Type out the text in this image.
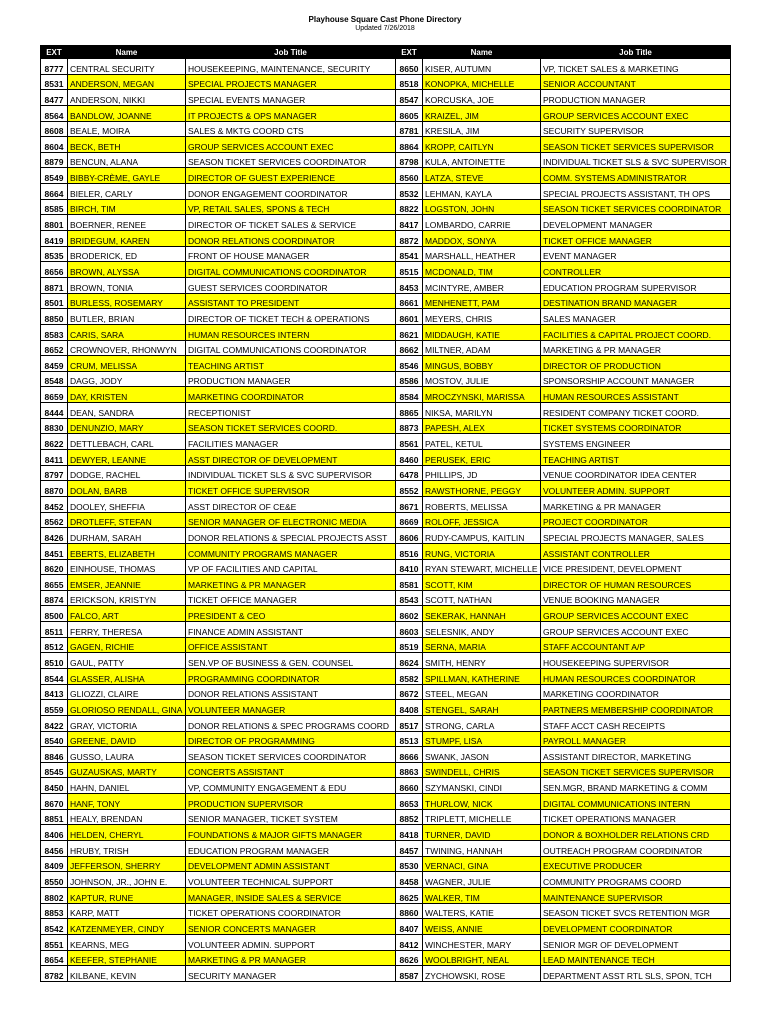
Playhouse Square Cast Phone Directory
Updated 7/26/2018
EXT	Name	Job Title	EXT	Name	Job Title
8777	CENTRAL SECURITY	HOUSEKEEPING, MAINTENANCE, SECURITY	8650	KISER, AUTUMN	VP, TICKET SALES & MARKETING
8531	ANDERSON, MEGAN	SPECIAL PROJECTS MANAGER	8518	KONOPKA, MICHELLE	SENIOR ACCOUNTANT
8477	ANDERSON, NIKKI	SPECIAL EVENTS MANAGER	8547	KORCUSKA, JOE	PRODUCTION MANAGER
8564	BANDLOW, JOANNE	IT PROJECTS & OPS MANAGER	8605	KRAIZEL, JIM	GROUP SERVICES ACCOUNT EXEC
8608	BEALE, MOIRA	SALES & MKTG COORD CTS	8781	KRESILA, JIM	SECURITY SUPERVISOR
8604	BECK, BETH	GROUP SERVICES ACCOUNT EXEC	8864	KROPP, CAITLYN	SEASON TICKET SERVICES SUPERVISOR
8879	BENCUN, ALANA	SEASON TICKET SERVICES COORDINATOR	8798	KULA, ANTOINETTE	INDIVIDUAL TICKET SLS & SVC SUPERVISOR
8549	BIBBY-CRÈME, GAYLE	DIRECTOR OF GUEST EXPERIENCE	8560	LATZA, STEVE	COMM. SYSTEMS ADMINISTRATOR
8664	BIELER, CARLY	DONOR ENGAGEMENT COORDINATOR	8532	LEHMAN, KAYLA	SPECIAL PROJECTS ASSISTANT, TH OPS
8585	BIRCH, TIM	VP, RETAIL SALES, SPONS & TECH	8822	LOGSTON, JOHN	SEASON TICKET SERVICES COORDINATOR
8801	BOERNER, RENEE	DIRECTOR OF TICKET SALES & SERVICE	8417	LOMBARDO, CARRIE	DEVELOPMENT MANAGER
8419	BRIDEGUM, KAREN	DONOR RELATIONS COORDINATOR	8872	MADDOX, SONYA	TICKET OFFICE MANAGER
8535	BRODERICK, ED	FRONT OF HOUSE MANAGER	8541	MARSHALL, HEATHER	EVENT MANAGER
8656	BROWN, ALYSSA	DIGITAL COMMUNICATIONS COORDINATOR	8515	MCDONALD, TIM	CONTROLLER
8871	BROWN, TONIA	GUEST SERVICES COORDINATOR	8453	MCINTYRE, AMBER	EDUCATION PROGRAM SUPERVISOR
8501	BURLESS, ROSEMARY	ASSISTANT TO PRESIDENT	8661	MENHENETT, PAM	DESTINATION BRAND MANAGER
8850	BUTLER, BRIAN	DIRECTOR OF TICKET TECH & OPERATIONS	8601	MEYERS, CHRIS	SALES MANAGER
8583	CARIS, SARA	HUMAN RESOURCES INTERN	8621	MIDDAUGH, KATIE	FACILITIES & CAPITAL PROJECT COORD.
8652	CROWNOVER, RHONWYN	DIGITAL COMMUNICATIONS COORDINATOR	8662	MILTNER, ADAM	MARKETING & PR MANAGER
8459	CRUM, MELISSA	TEACHING ARTIST	8546	MINGUS, BOBBY	DIRECTOR OF PRODUCTION
8548	DAGG, JODY	PRODUCTION MANAGER	8586	MOSTOV, JULIE	SPONSORSHIP ACCOUNT MANAGER
8659	DAY, KRISTEN	MARKETING COORDINATOR	8584	MROCZYNSKI, MARISSA	HUMAN RESOURCES ASSISTANT
8444	DEAN, SANDRA	RECEPTIONIST	8865	NIKSA, MARILYN	RESIDENT COMPANY TICKET COORD.
8830	DENUNZIO, MARY	SEASON TICKET SERVICES COORD.	8873	PAPESH, ALEX	TICKET SYSTEMS COORDINATOR
8622	DETTLEBACH, CARL	FACILITIES MANAGER	8561	PATEL, KETUL	SYSTEMS ENGINEER
8411	DEWYER, LEANNE	ASST DIRECTOR OF DEVELOPMENT	8460	PERUSEK, ERIC	TEACHING ARTIST
8797	DODGE, RACHEL	INDIVIDUAL TICKET SLS & SVC SUPERVISOR	6478	PHILLIPS, JD	VENUE COORDINATOR IDEA CENTER
8870	DOLAN, BARB	TICKET OFFICE SUPERVISOR	8552	RAWSTHORNE, PEGGY	VOLUNTEER ADMIN. SUPPORT
8452	DOOLEY, SHEFFIA	ASST DIRECTOR OF CE&E	8671	ROBERTS, MELISSA	MARKETING & PR MANAGER
8562	DROTLEFF, STEFAN	SENIOR MANAGER OF ELECTRONIC MEDIA	8669	ROLOFF, JESSICA	PROJECT COORDINATOR
8426	DURHAM, SARAH	DONOR RELATIONS & SPECIAL PROJECTS ASST	8606	RUDY-CAMPUS, KAITLIN	SPECIAL PROJECTS MANAGER, SALES
8451	EBERTS, ELIZABETH	COMMUNITY PROGRAMS MANAGER	8516	RUNG, VICTORIA	ASSISTANT CONTROLLER
8620	EINHOUSE, THOMAS	VP OF FACILITIES AND CAPITAL	8410	RYAN STEWART, MICHELLE	VICE PRESIDENT, DEVELOPMENT
8655	EMSER, JEANNIE	MARKETING & PR MANAGER	8581	SCOTT, KIM	DIRECTOR OF HUMAN RESOURCES
8874	ERICKSON, KRISTYN	TICKET OFFICE MANAGER	8543	SCOTT, NATHAN	VENUE BOOKING MANAGER
8500	FALCO, ART	PRESIDENT & CEO	8602	SEKERAK, HANNAH	GROUP SERVICES ACCOUNT EXEC
8511	FERRY, THERESA	FINANCE ADMIN ASSISTANT	8603	SELESNIK, ANDY	GROUP SERVICES ACCOUNT EXEC
8512	GAGEN, RICHIE	OFFICE ASSISTANT	8519	SERNA, MARIA	STAFF ACCOUNTANT A/P
8510	GAUL, PATTY	SEN.VP OF BUSINESS & GEN. COUNSEL	8624	SMITH, HENRY	HOUSEKEEPING SUPERVISOR
8544	GLASSER, ALISHA	PROGRAMMING COORDINATOR	8582	SPILLMAN, KATHERINE	HUMAN RESOURCES COORDINATOR
8413	GLIOZZI, CLAIRE	DONOR RELATIONS ASSISTANT	8672	STEEL, MEGAN	MARKETING COORDINATOR
8559	GLORIOSO RENDALL, GINA	VOLUNTEER MANAGER	8408	STENGEL, SARAH	PARTNERS MEMBERSHIP COORDINATOR
8422	GRAY, VICTORIA	DONOR RELATIONS & SPEC PROGRAMS COORD	8517	STRONG, CARLA	STAFF ACCT CASH RECEIPTS
8540	GREENE, DAVID	DIRECTOR OF PROGRAMMING	8513	STUMPF, LISA	PAYROLL MANAGER
8846	GUSSO, LAURA	SEASON TICKET SERVICES COORDINATOR	8666	SWANK, JASON	ASSISTANT DIRECTOR, MARKETING
8545	GUZAUSKAS, MARTY	CONCERTS ASSISTANT	8863	SWINDELL, CHRIS	SEASON TICKET SERVICES SUPERVISOR
8450	HAHN, DANIEL	VP, COMMUNITY ENGAGEMENT & EDU	8660	SZYMANSKI, CINDI	SEN.MGR, BRAND MARKETING & COMM
8670	HANF, TONY	PRODUCTION SUPERVISOR	8653	THURLOW, NICK	DIGITAL COMMUNICATIONS INTERN
8851	HEALY, BRENDAN	SENIOR MANAGER, TICKET SYSTEM	8852	TRIPLETT, MICHELLE	TICKET OPERATIONS MANAGER
8406	HELDEN, CHERYL	FOUNDATIONS & MAJOR GIFTS MANAGER	8418	TURNER, DAVID	DONOR & BOXHOLDER RELATIONS CRD
8456	HRUBY, TRISH	EDUCATION PROGRAM MANAGER	8457	TWINING, HANNAH	OUTREACH PROGRAM COORDINATOR
8409	JEFFERSON, SHERRY	DEVELOPMENT ADMIN ASSISTANT	8530	VERNACI, GINA	EXECUTIVE PRODUCER
8550	JOHNSON, JR., JOHN E.	VOLUNTEER TECHNICAL SUPPORT	8458	WAGNER, JULIE	COMMUNITY PROGRAMS COORD
8802	KAPTUR, RUNE	MANAGER, INSIDE SALES & SERVICE	8625	WALKER, TIM	MAINTENANCE SUPERVISOR
8853	KARP, MATT	TICKET OPERATIONS COORDINATOR	8860	WALTERS, KATIE	SEASON TICKET SVCS RETENTION MGR
8542	KATZENMEYER, CINDY	SENIOR CONCERTS MANAGER	8407	WEISS, ANNIE	DEVELOPMENT COORDINATOR
8551	KEARNS, MEG	VOLUNTEER ADMIN. SUPPORT	8412	WINCHESTER, MARY	SENIOR MGR OF DEVELOPMENT
8654	KEEFER, STEPHANIE	MARKETING & PR MANAGER	8626	WOOLBRIGHT, NEAL	LEAD MAINTENANCE TECH
8782	KILBANE, KEVIN	SECURITY MANAGER	8587	ZYCHOWSKI, ROSE	DEPARTMENT ASST RTL SLS, SPON, TCH
